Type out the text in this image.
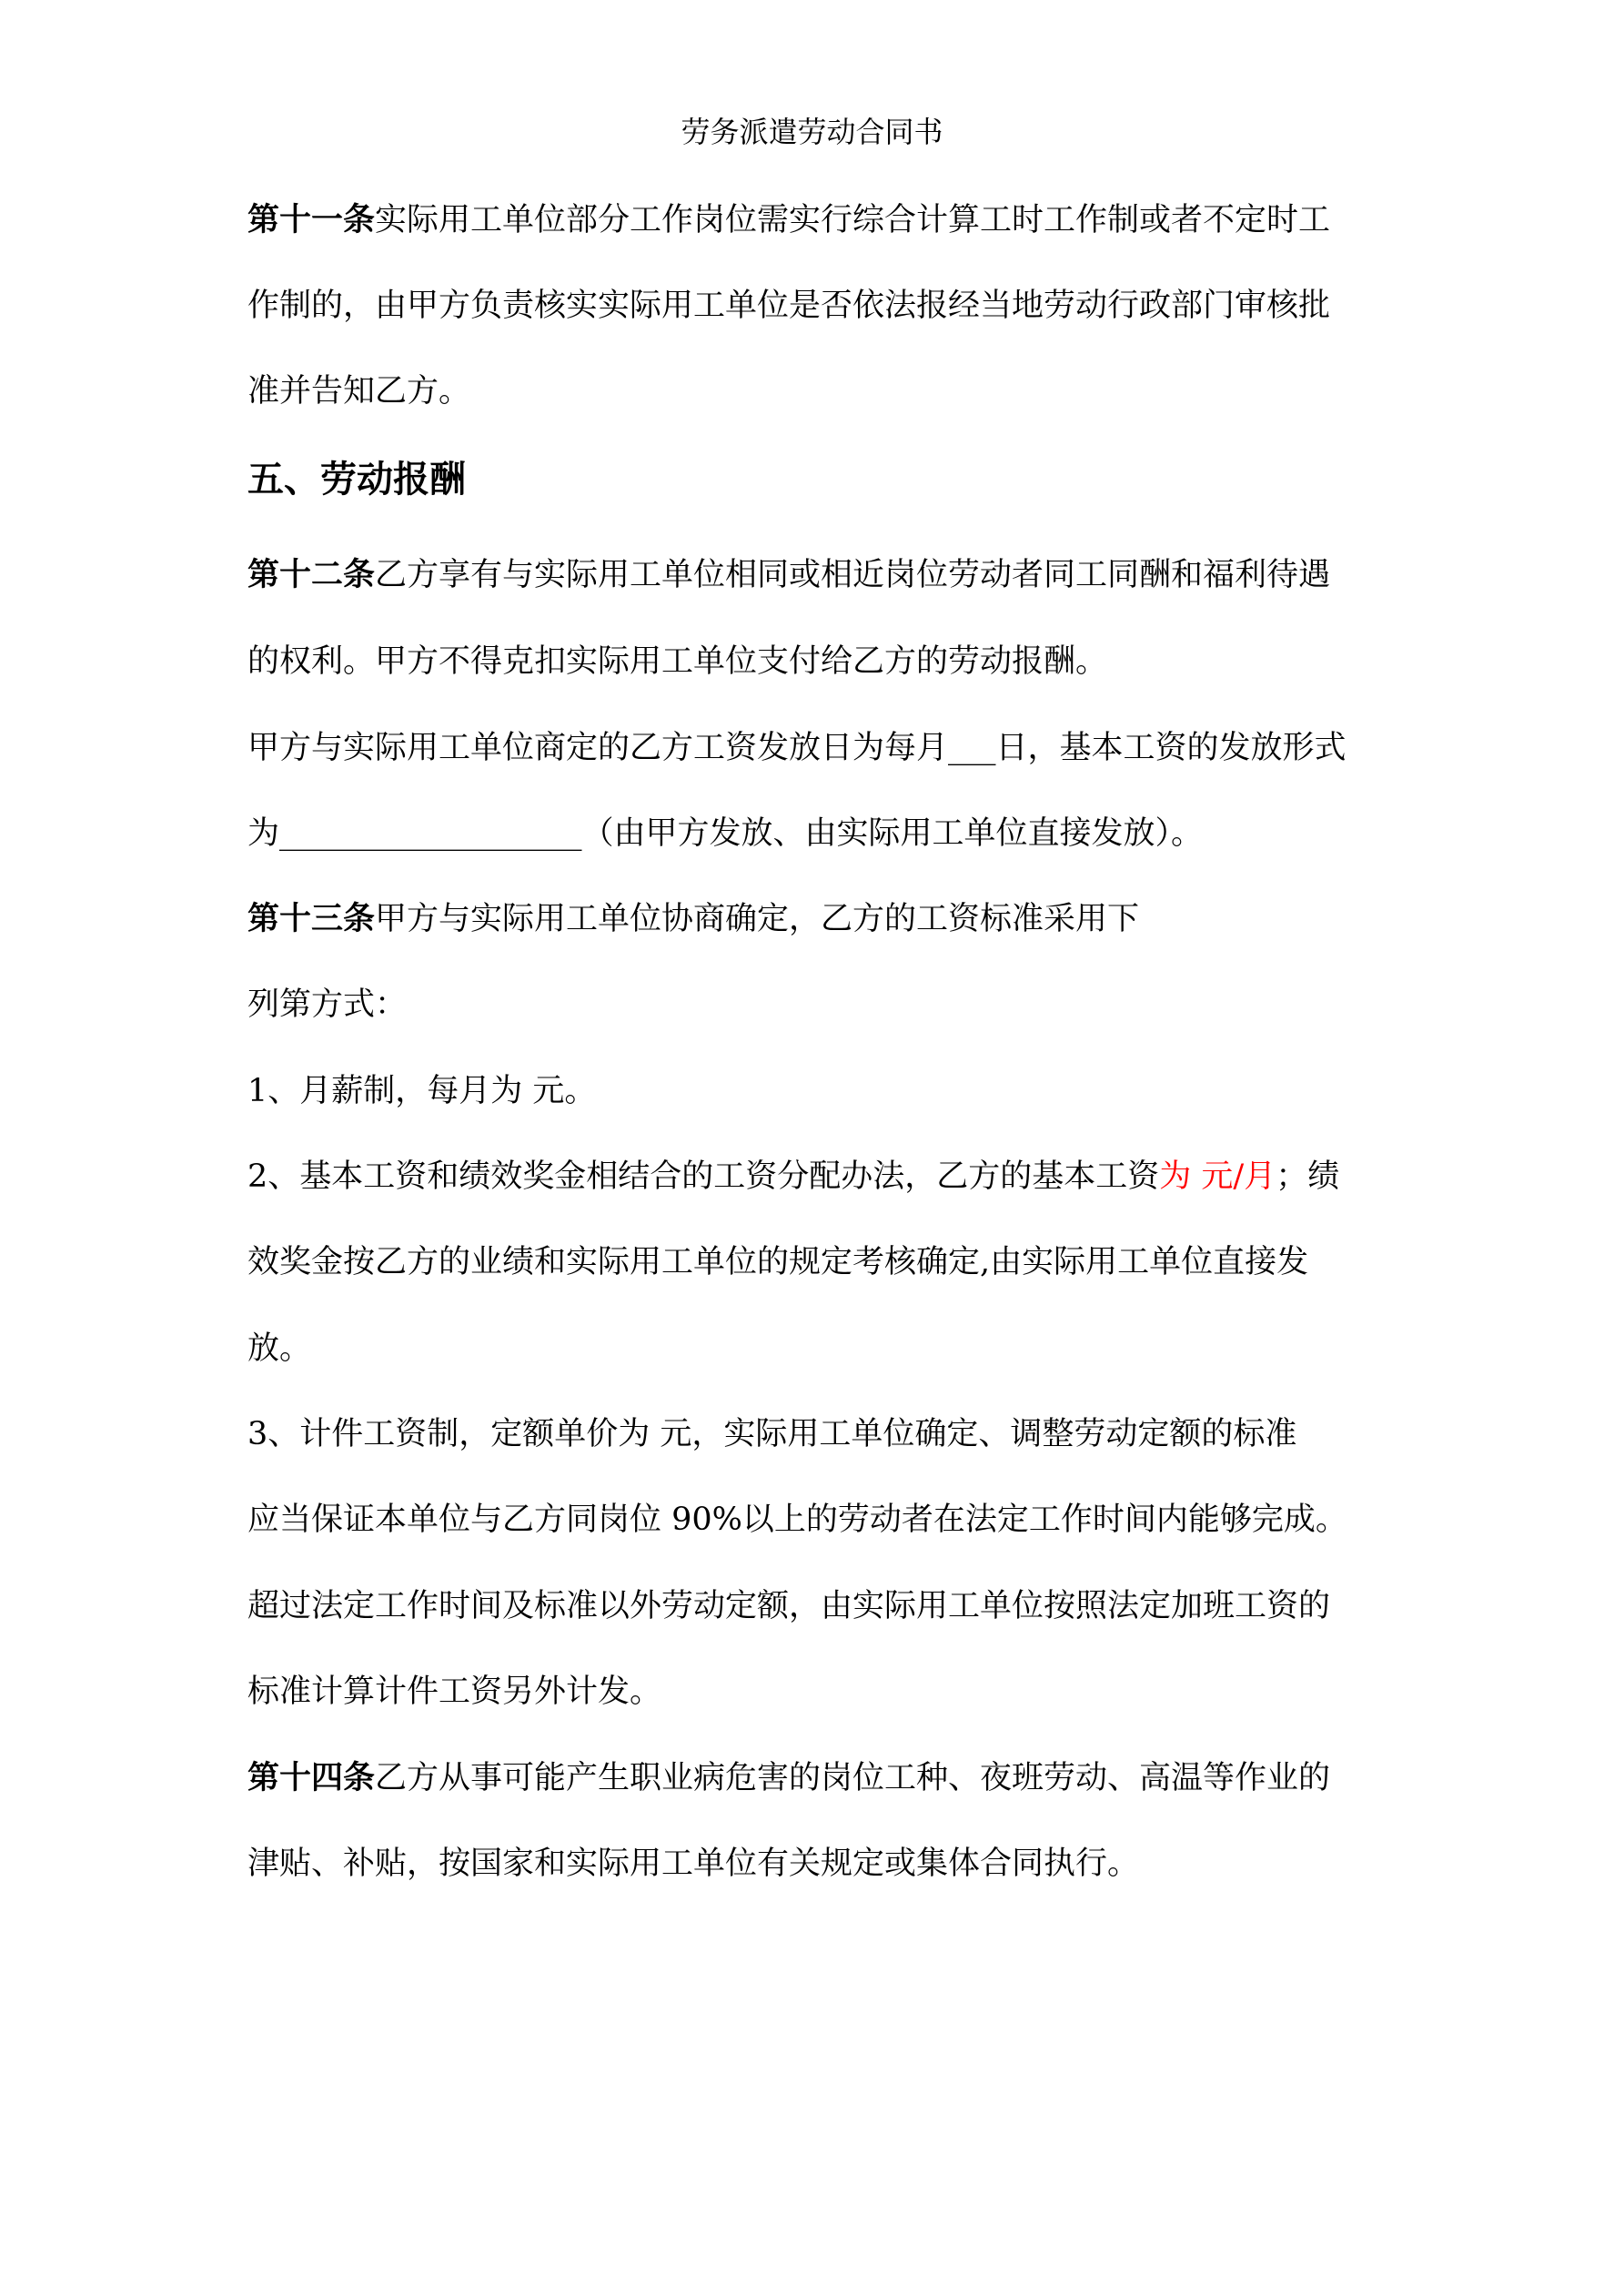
劳务派遣劳动合同书
第十一条实际用工单位部分工作岗位需实行综合计算工时工作制或者不定时工
作制的，由甲方负责核实实际用工单位是否依法报经当地劳动行政部门审核批
准并告知乙方。
五、劳动报酬
第十二条乙方享有与实际用工单位相同或相近岗位劳动者同工同酬和福利待遇
的权利。甲方不得克扣实际用工单位支付给乙方的劳动报酬。
甲方与实际用工单位商定的乙方工资发放日为每月___日，基本工资的发放形式
为___________________（由甲方发放、由实际用工单位直接发放）。
第十三条甲方与实际用工单位协商确定，乙方的工资标准采用下
列第方式：
1、月薪制，每月为 元。
2、基本工资和绩效奖金相结合的工资分配办法，乙方的基本工资为 元/月；绩
效奖金按乙方的业绩和实际用工单位的规定考核确定,由实际用工单位直接发
放。
3、计件工资制，定额单价为 元，实际用工单位确定、调整劳动定额的标准
应当保证本单位与乙方同岗位 90%以上的劳动者在法定工作时间内能够完成。
超过法定工作时间及标准以外劳动定额，由实际用工单位按照法定加班工资的
标准计算计件工资另外计发。
第十四条乙方从事可能产生职业病危害的岗位工种、夜班劳动、高温等作业的
津贴、补贴，按国家和实际用工单位有关规定或集体合同执行。
